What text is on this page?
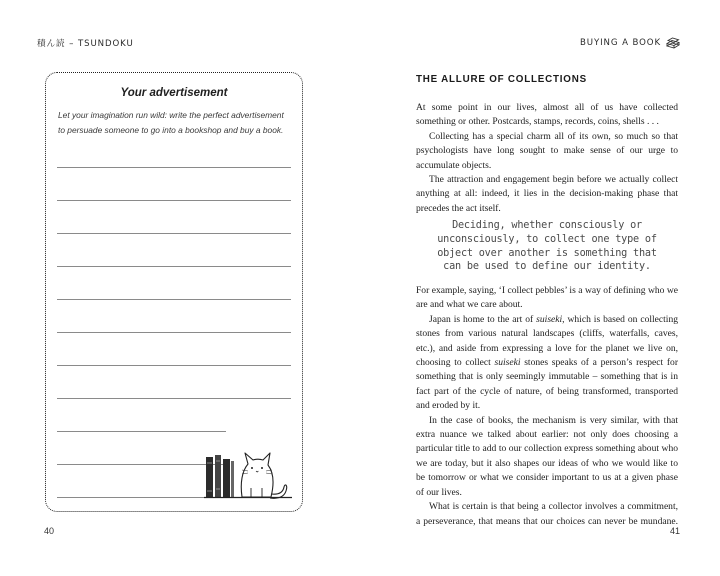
積ん読 – TSUNDOKU	BUYING A BOOK
Your advertisement
Let your imagination run wild: write the perfect advertisement to persuade someone to go into a bookshop and buy a book.
40
THE ALLURE OF COLLECTIONS

At some point in our lives, almost all of us have collected something or other. Postcards, stamps, records, coins, shells . . .

Collecting has a special charm all of its own, so much so that psychologists have long sought to make sense of our urge to accumulate objects.

The attraction and engagement begin before we actually collect anything at all: indeed, it lies in the decision-making phase that precedes the act itself.

Deciding, whether consciously or unconsciously, to collect one type of object over another is something that can be used to define our identity.

For example, saying, ‘I collect pebbles’ is a way of defining who we are and what we care about.

Japan is home to the art of suiseki, which is based on collecting stones from various natural landscapes (cliffs, waterfalls, caves, etc.), and aside from expressing a love for the planet we live on, choosing to collect suiseki stones speaks of a person’s respect for something that is only seemingly immutable – something that is in fact part of the cycle of nature, of being transformed, transported and eroded by it.

In the case of books, the mechanism is very similar, with that extra nuance we talked about earlier: not only does choosing a particular title to add to our collection express something about who we are today, but it also shapes our ideas of who we would like to be tomorrow or what we consider important to us at a given phase of our lives.

What is certain is that being a collector involves a commitment, a perseverance, that means that our choices can never be mundane.

41
